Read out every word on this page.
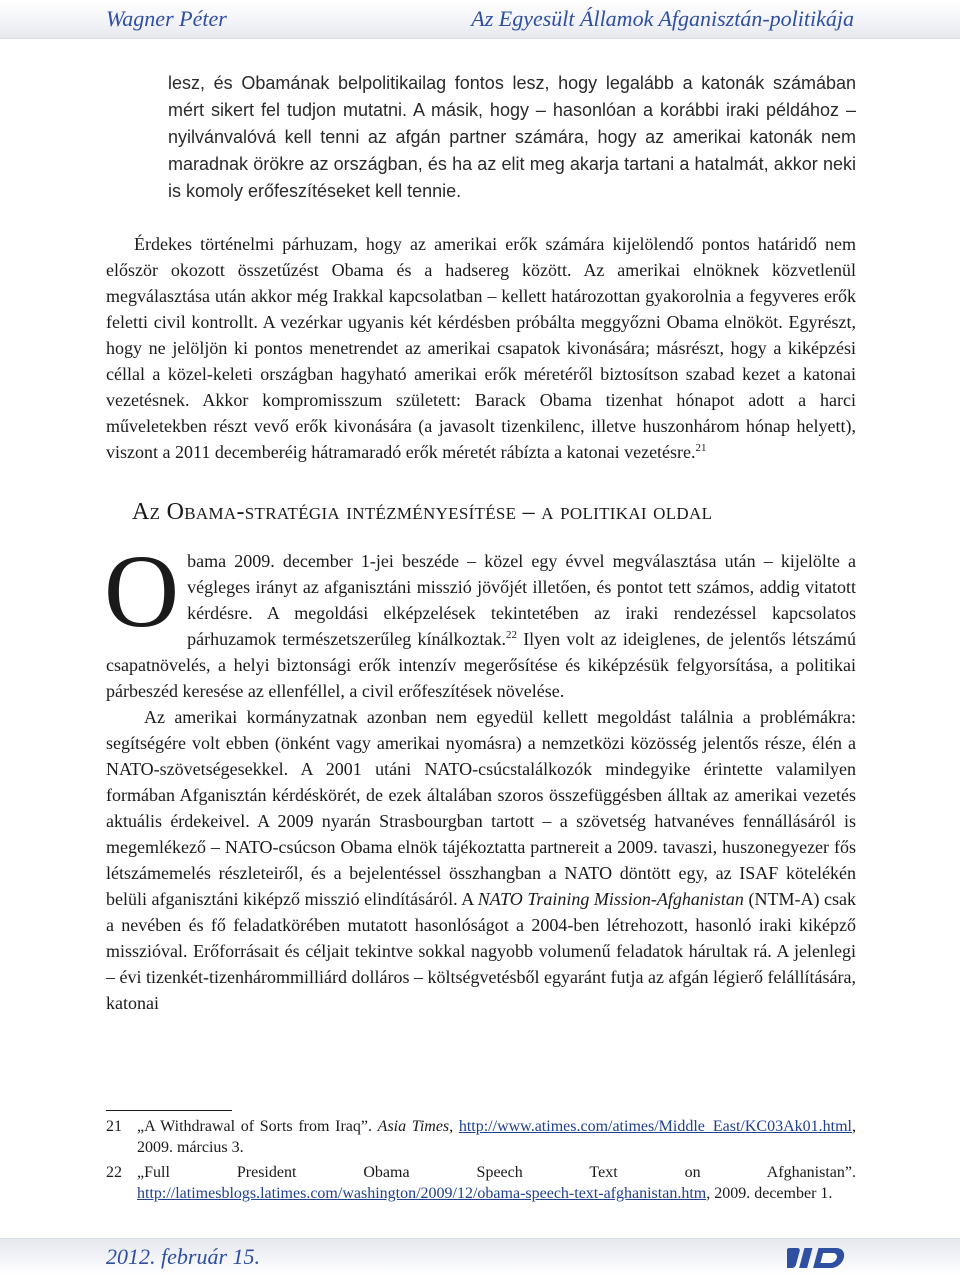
Wagner Péter	Az Egyesült Államok Afganisztán-politikája

lesz, és Obamának belpolitikailag fontos lesz, hogy legalább a katonák számában mért sikert fel tudjon mutatni. A másik, hogy – hasonlóan a korábbi iraki példához – nyilvánvalóvá kell tenni az afgán partner számára, hogy az amerikai katonák nem maradnak örökre az országban, és ha az elit meg akarja tartani a hatalmát, akkor neki is komoly erőfeszítéseket kell tennie.

Érdekes történelmi párhuzam, hogy az amerikai erők számára kijelölendő pontos határidő nem először okozott összetűzést Obama és a hadsereg között. Az amerikai elnöknek közvetlenül megválasztása után akkor még Irakkal kapcsolatban – kellett határozottan gyakorolnia a fegyveres erők feletti civil kontrollt. A vezérkar ugyanis két kérdésben próbálta meggyőzni Obama elnököt. Egyrészt, hogy ne jelöljön ki pontos menetrendet az amerikai csapatok kivonására; másrészt, hogy a kiképzési céllal a közel-keleti országban hagyható amerikai erők méretéről biztosítson szabad kezet a katonai vezetésnek. Akkor kompromisszum született: Barack Obama tizenhat hónapot adott a harci műveletekben részt vevő erők kivonására (a javasolt tizenkilenc, illetve huszonhárom hónap helyett), viszont a 2011 decemberéig hátramaradó erők méretét rábízta a katonai vezetésre.$^{21}$

Az Obama-stratégia intézményesítése – a politikai oldal

Obama 2009. december 1-jei beszéde – közel egy évvel megválasztása után – kijelölte a végleges irányt az afganisztáni misszió jövőjét illetően, és pontot tett számos, addig vitatott kérdésre. A megoldási elképzelések tekintetében az iraki rendezéssel kapcsolatos párhuzamok természetszerűleg kínálkoztak.$^{22}$ Ilyen volt az ideiglenes, de jelentős létszámú csapatnövelés, a helyi biztonsági erők intenzív megerősítése és kiképzésük felgyorsítása, a politikai párbeszéd keresése az ellenféllel, a civil erőfeszítések növelése.

Az amerikai kormányzatnak azonban nem egyedül kellett megoldást találnia a problémákra: segítségére volt ebben (önként vagy amerikai nyomásra) a nemzetközi közösség jelentős része, élén a NATO-szövetségesekkel. A 2001 utáni NATO-csúcstalálkozók mindegyike érintette valamilyen formában Afganisztán kérdéskörét, de ezek általában szoros összefüggésben álltak az amerikai vezetés aktuális érdekeivel. A 2009 nyarán Strasbourgban tartott – a szövetség hatvanéves fennállásáról is megemlékező – NATO-csúcson Obama elnök tájékoztatta partnereit a 2009. tavaszi, huszonegyezer fős létszámemelés részleteiről, és a bejelentéssel összhangban a NATO döntött egy, az ISAF kötelékén belüli afganisztáni kiképző misszió elindításáról. A NATO Training Mission-Afghanistan (NTM-A) csak a nevében és fő feladatkörében mutatott hasonlóságot a 2004-ben létrehozott, hasonló iraki kiképző misszióval. Erőforrásait és céljait tekintve sokkal nagyobb volumenű feladatok hárultak rá. A jelenlegi – évi tizenkét-tizenhárommilliárd dolláros – költségvetésből egyaránt futja az afgán légierő felállítására, katonai

21 „A Withdrawal of Sorts from Iraq”. Asia Times, http://www.atimes.com/atimes/Middle_East/KC03Ak01.html, 2009. március 3.
22 „Full President Obama Speech Text on Afghanistan”. http://latimesblogs.latimes.com/washington/2009/12/obama-speech-text-afghanistan.htm, 2009. december 1.
2012. február 15.
